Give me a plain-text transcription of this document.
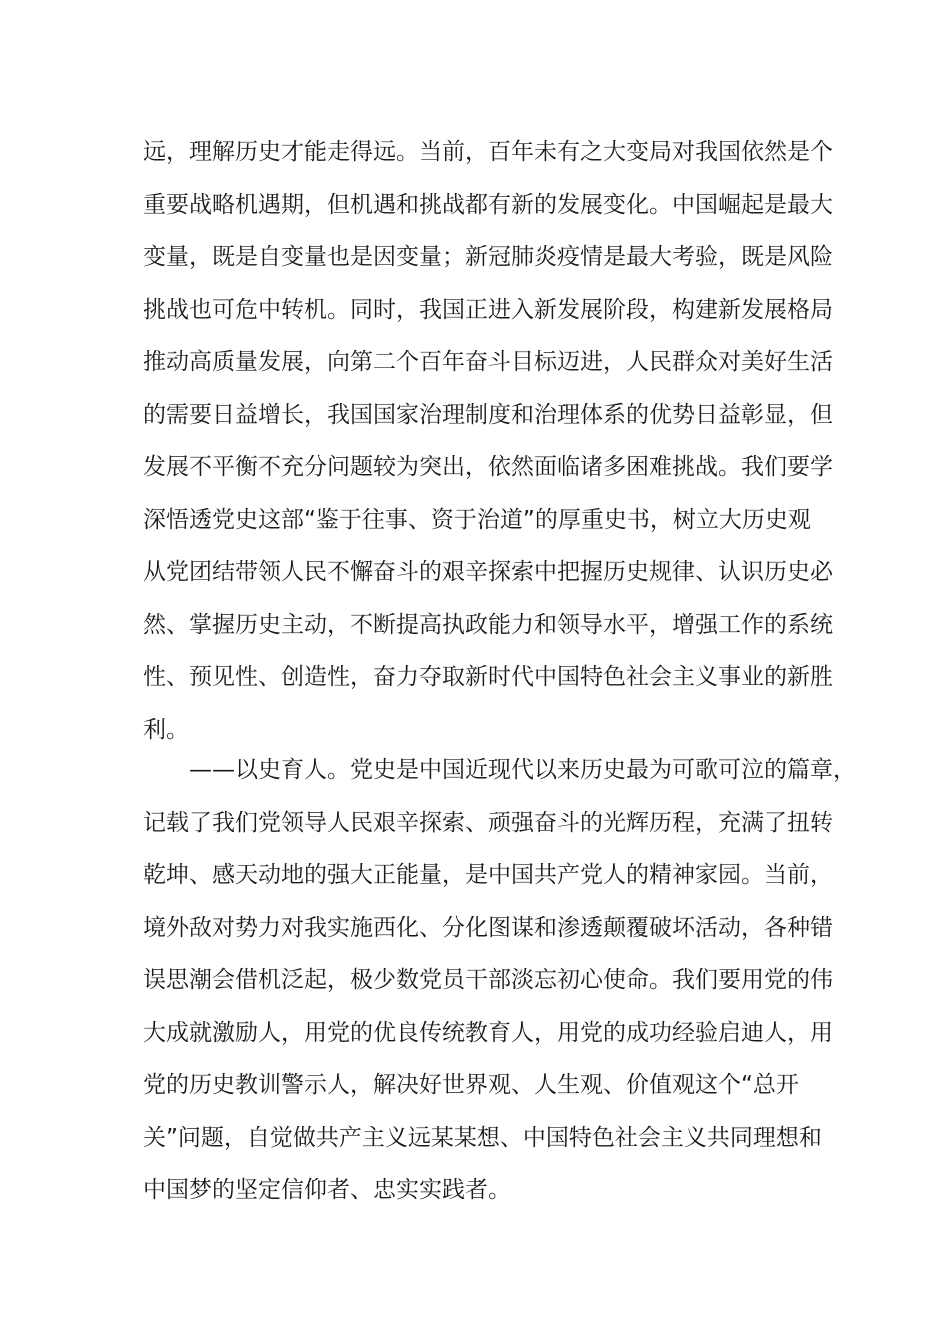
远，理解历史才能走得远。当前，百年未有之大变局对我国依然是个
重要战略机遇期，但机遇和挑战都有新的发展变化。中国崛起是最大
变量，既是自变量也是因变量；新冠肺炎疫情是最大考验，既是风险
挑战也可危中转机。同时，我国正进入新发展阶段，构建新发展格局
推动高质量发展，向第二个百年奋斗目标迈进，人民群众对美好生活
的需要日益增长，我国国家治理制度和治理体系的优势日益彰显，但
发展不平衡不充分问题较为突出，依然面临诸多困难挑战。我们要学
深悟透党史这部“鉴于往事、资于治道”的厚重史书，树立大历史观
从党团结带领人民不懈奋斗的艰辛探索中把握历史规律、认识历史必
然、掌握历史主动，不断提高执政能力和领导水平，增强工作的系统
性、预见性、创造性，奋力夺取新时代中国特色社会主义事业的新胜
利。
　　——以史育人。党史是中国近现代以来历史最为可歌可泣的篇章，
记载了我们党领导人民艰辛探索、顽强奋斗的光辉历程，充满了扭转
乾坤、感天动地的强大正能量，是中国共产党人的精神家园。当前，
境外敌对势力对我实施西化、分化图谋和渗透颠覆破坏活动，各种错
误思潮会借机泛起，极少数党员干部淡忘初心使命。我们要用党的伟
大成就激励人，用党的优良传统教育人，用党的成功经验启迪人，用
党的历史教训警示人，解决好世界观、人生观、价值观这个“总开
关”问题，自觉做共产主义远某某想、中国特色社会主义共同理想和
中国梦的坚定信仰者、忠实实践者。
